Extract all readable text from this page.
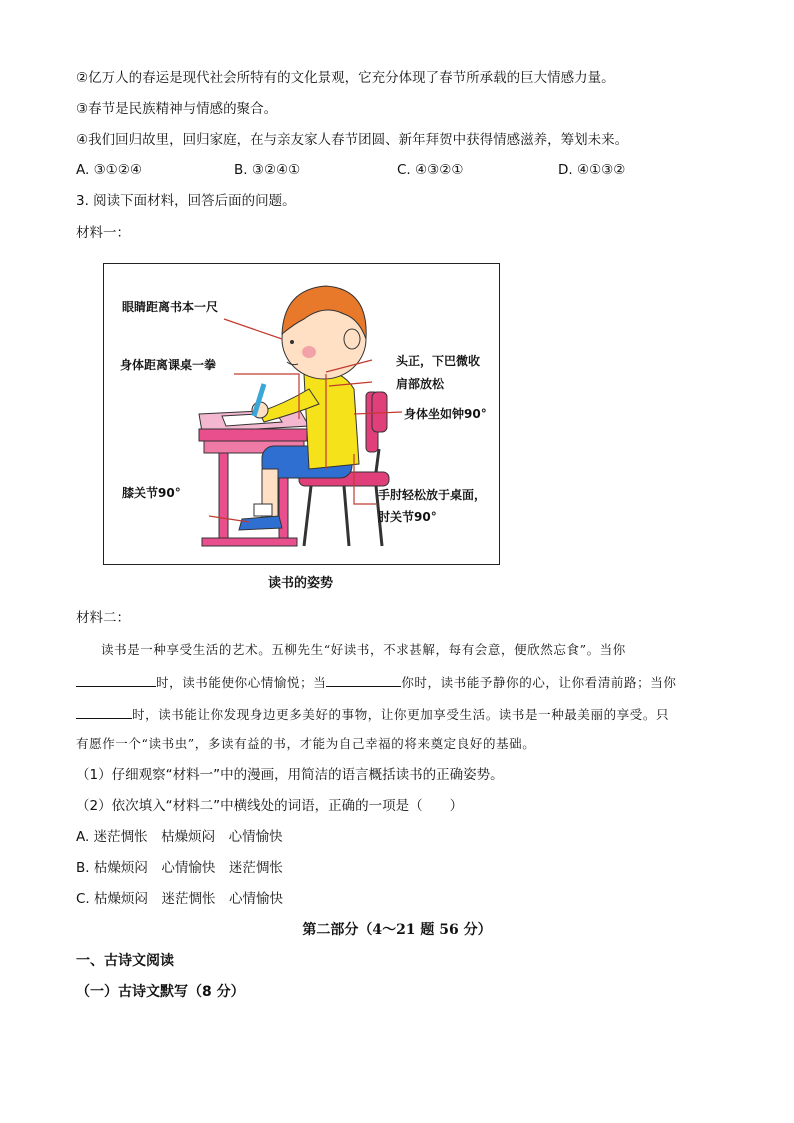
②亿万人的春运是现代社会所特有的文化景观，它充分体现了春节所承载的巨大情感力量。
③春节是民族精神与情感的聚合。
④我们回归故里，回归家庭，在与亲友家人春节团圆、新年拜贺中获得情感滋养，筹划未来。
A. ③①②④	B. ③②④①	C. ④③②①	D. ④①③②
3. 阅读下面材料，回答后面的问题。
材料一：
眼睛距离书本一尺
身体距离课桌一拳	头正，下巴微收
肩部放松
身体坐如钟90°
膝关节90°	手肘轻松放于桌面，
肘关节90°
读书的姿势
材料二：
读书是一种享受生活的艺术。五柳先生“好读书，不求甚解，每有会意，便欣然忘食”。当你
时，读书能使你心情愉悦；当	你时，读书能予静你的心，让你看清前路；当你
时，读书能让你发现身边更多美好的事物，让你更加享受生活。读书是一种最美丽的享受。只
有愿作一个“读书虫”，多读有益的书，才能为自己幸福的将来奠定良好的基础。
（1）仔细观察“材料一”中的漫画，用简洁的语言概括读书的正确姿势。
（2）依次填入“材料二”中横线处的词语，正确的一项是（　　）
A. 迷茫惆怅　枯燥烦闷　心情愉快
B. 枯燥烦闷　心情愉快　迷茫惆怅
C. 枯燥烦闷　迷茫惆怅　心情愉快
第二部分（4～21 题 56 分）
一、古诗文阅读
（一）古诗文默写（8 分）
